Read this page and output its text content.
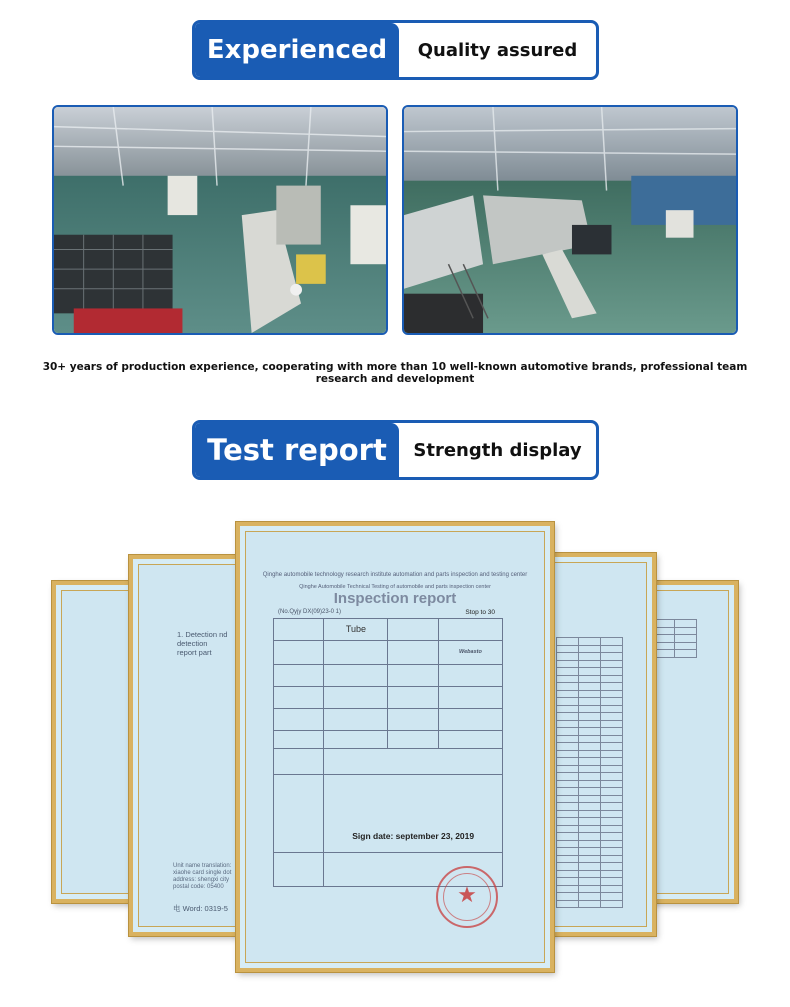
Experienced	Quality assured
30+ years of production experience, cooperating with more than 10 well-known automotive brands, professional team research and development
Test report	Strength display

1. Detection nd
detection
report part
Unit name translation:
xiaohe card single dot
address: shengxi city
postal code: 05400
电 Word: 0319-5
Qinghe automobile technology research institute automation and parts inspection and testing center
Qinghe Automobile Technical Testing of automobile and parts inspection center
Inspection report
(No.Qyjy DX(09)23-0 1)	Stop to 30
	Tube		
			Webasto

	Sign date: september 23, 2019		

★
